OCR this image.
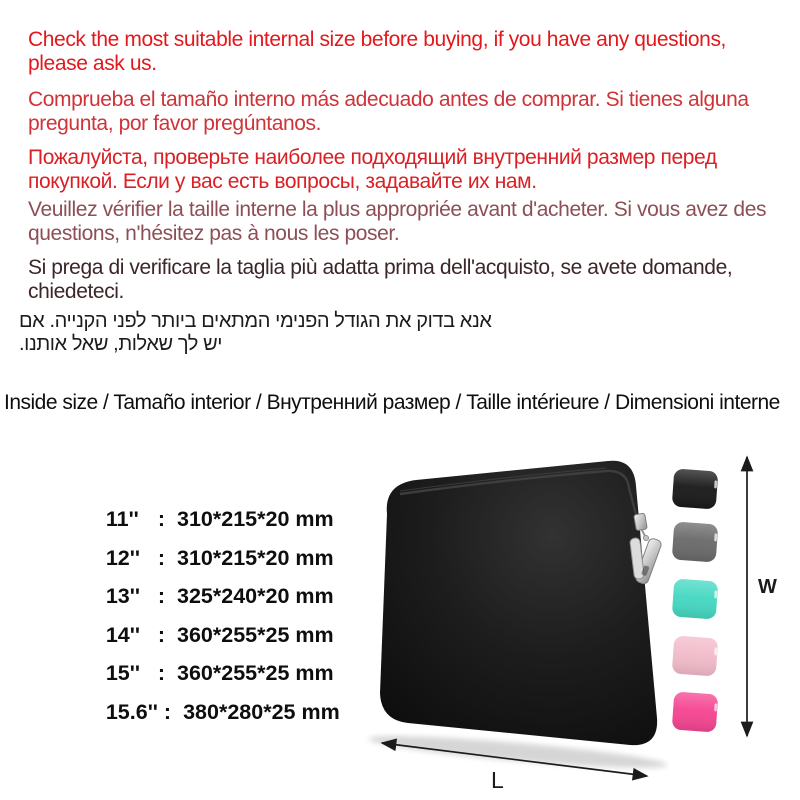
Check the most suitable internal size before buying, if you have any questions,
please ask us.
Comprueba el tamaño interno más adecuado antes de comprar. Si tienes alguna
pregunta, por favor pregúntanos.
Пожалуйста, проверьте наиболее подходящий внутренний размер перед
покупкой. Если у вас есть вопросы, задавайте их нам.
Veuillez vérifier la taille interne la plus appropriée avant d'acheter. Si vous avez des
questions, n'hésitez pas à nous les poser.
Si prega di verificare la taglia più adatta prima dell'acquisto, se avete domande,
chiedeteci.
אנא בדוק את הגודל הפנימי המתאים ביותר לפני הקנייה. אם
יש לך שאלות, שאל אותנו.
Inside size / Tamaño interior / Внутренний размер / Taille intérieure / Dimensioni interne

11'' : 310*215*20 mm

12'' : 310*215*20 mm

13'' : 325*240*20 mm

14'' : 360*255*25 mm

15'' : 360*255*25 mm

15.6'' : 380*280*25 mm

W
L
